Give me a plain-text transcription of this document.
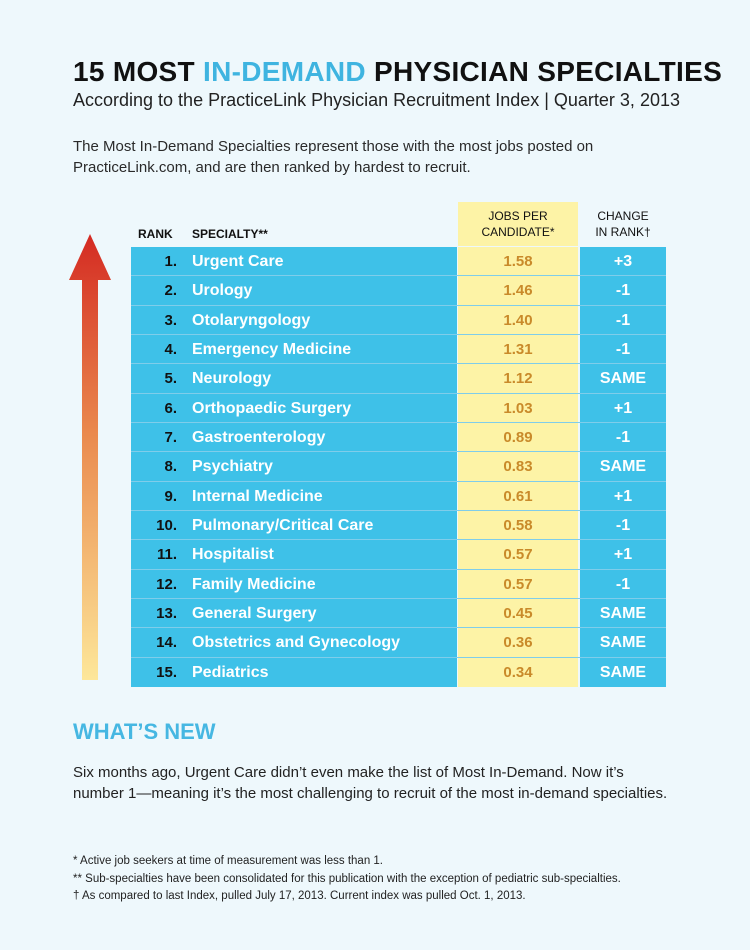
15 MOST IN-DEMAND PHYSICIAN SPECIALTIES
According to the PracticeLink Physician Recruitment Index | Quarter 3, 2013
The Most In-Demand Specialties represent those with the most jobs posted on PracticeLink.com, and are then ranked by hardest to recruit.
RANK SPECIALTY**
JOBS PER
CANDIDATE*
CHANGE
IN RANK†
1. Urgent Care	1.58	+3
2. Urology	1.46	-1
3. Otolaryngology	1.40	-1
4. Emergency Medicine	1.31	-1
5. Neurology	1.12	SAME
6. Orthopaedic Surgery	1.03	+1
7. Gastroenterology	0.89	-1
8. Psychiatry	0.83	SAME
9. Internal Medicine	0.61	+1
10. Pulmonary/Critical Care	0.58	-1
11. Hospitalist	0.57	+1
12. Family Medicine	0.57	-1
13. General Surgery	0.45	SAME
14. Obstetrics and Gynecology	0.36	SAME
15. Pediatrics	0.34	SAME
WHAT’S NEW
Six months ago, Urgent Care didn’t even make the list of Most In-Demand. Now it’s number 1—meaning it’s the most challenging to recruit of the most in-demand specialties.
* Active job seekers at time of measurement was less than 1.
** Sub-specialties have been consolidated for this publication with the exception of pediatric sub-specialties.
† As compared to last Index, pulled July 17, 2013. Current index was pulled Oct. 1, 2013.
